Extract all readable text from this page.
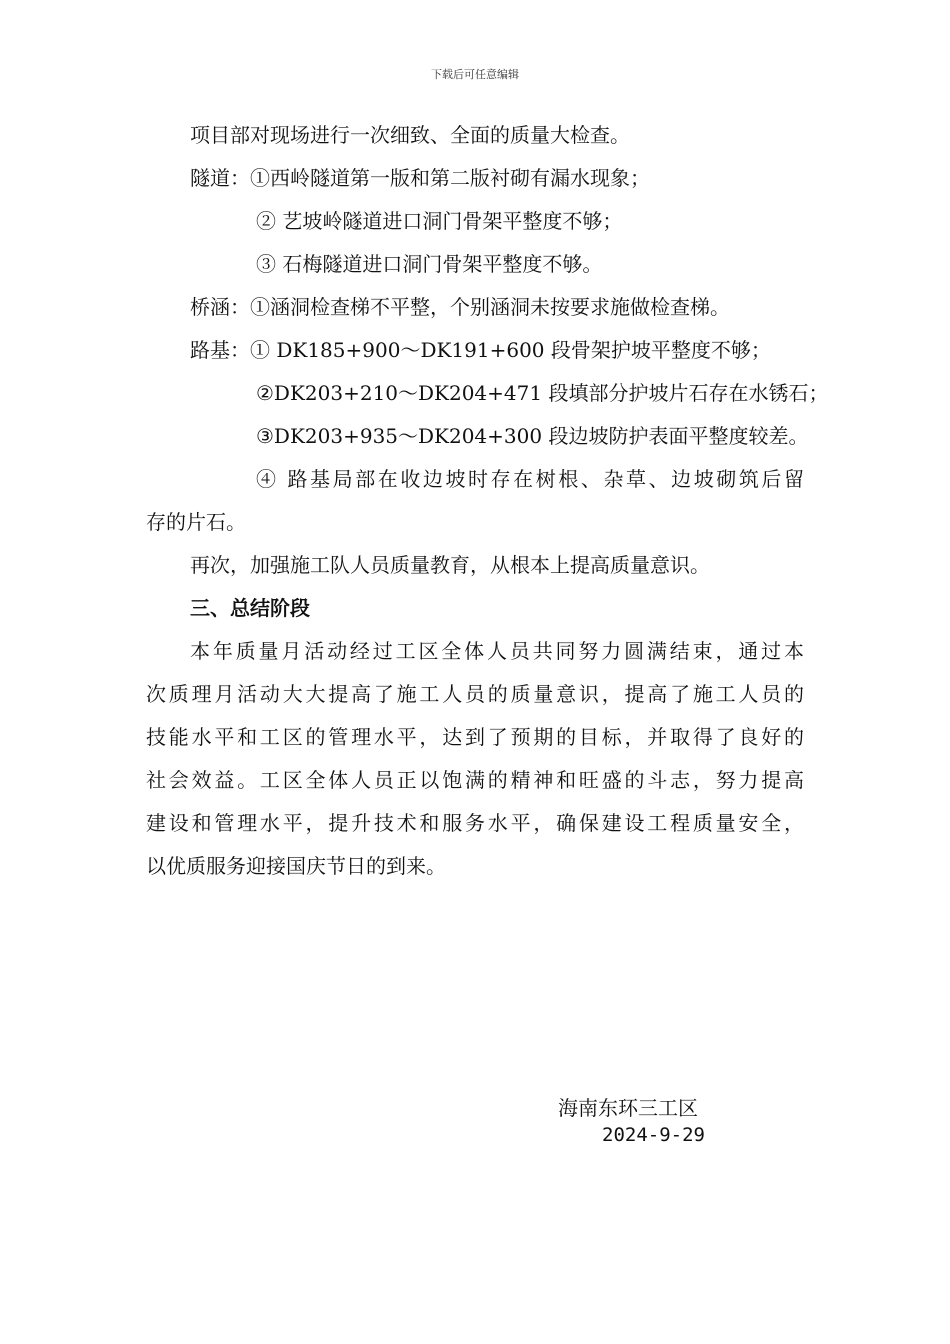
下载后可任意编辑
项目部对现场进行一次细致、全面的质量大检查。
隧道：①西岭隧道第一版和第二版衬砌有漏水现象；
② 艺坡岭隧道进口洞门骨架平整度不够；
③ 石梅隧道进口洞门骨架平整度不够。
桥涵：①涵洞检查梯不平整，个别涵洞未按要求施做检查梯。
路基：① DK185+900～DK191+600 段骨架护坡平整度不够；
②DK203+210～DK204+471 段填部分护坡片石存在水锈石；
③DK203+935～DK204+300 段边坡防护表面平整度较差。
④ 路基局部在收边坡时存在树根、杂草、边坡砌筑后留
存的片石。
再次，加强施工队人员质量教育，从根本上提高质量意识。
三、总结阶段
本年质量月活动经过工区全体人员共同努力圆满结束，通过本
次质理月活动大大提高了施工人员的质量意识，提高了施工人员的
技能水平和工区的管理水平，达到了预期的目标，并取得了良好的
社会效益。工区全体人员正以饱满的精神和旺盛的斗志，努力提高
建设和管理水平，提升技术和服务水平，确保建设工程质量安全，
以优质服务迎接国庆节日的到来。
海南东环三工区
2024-9-29
